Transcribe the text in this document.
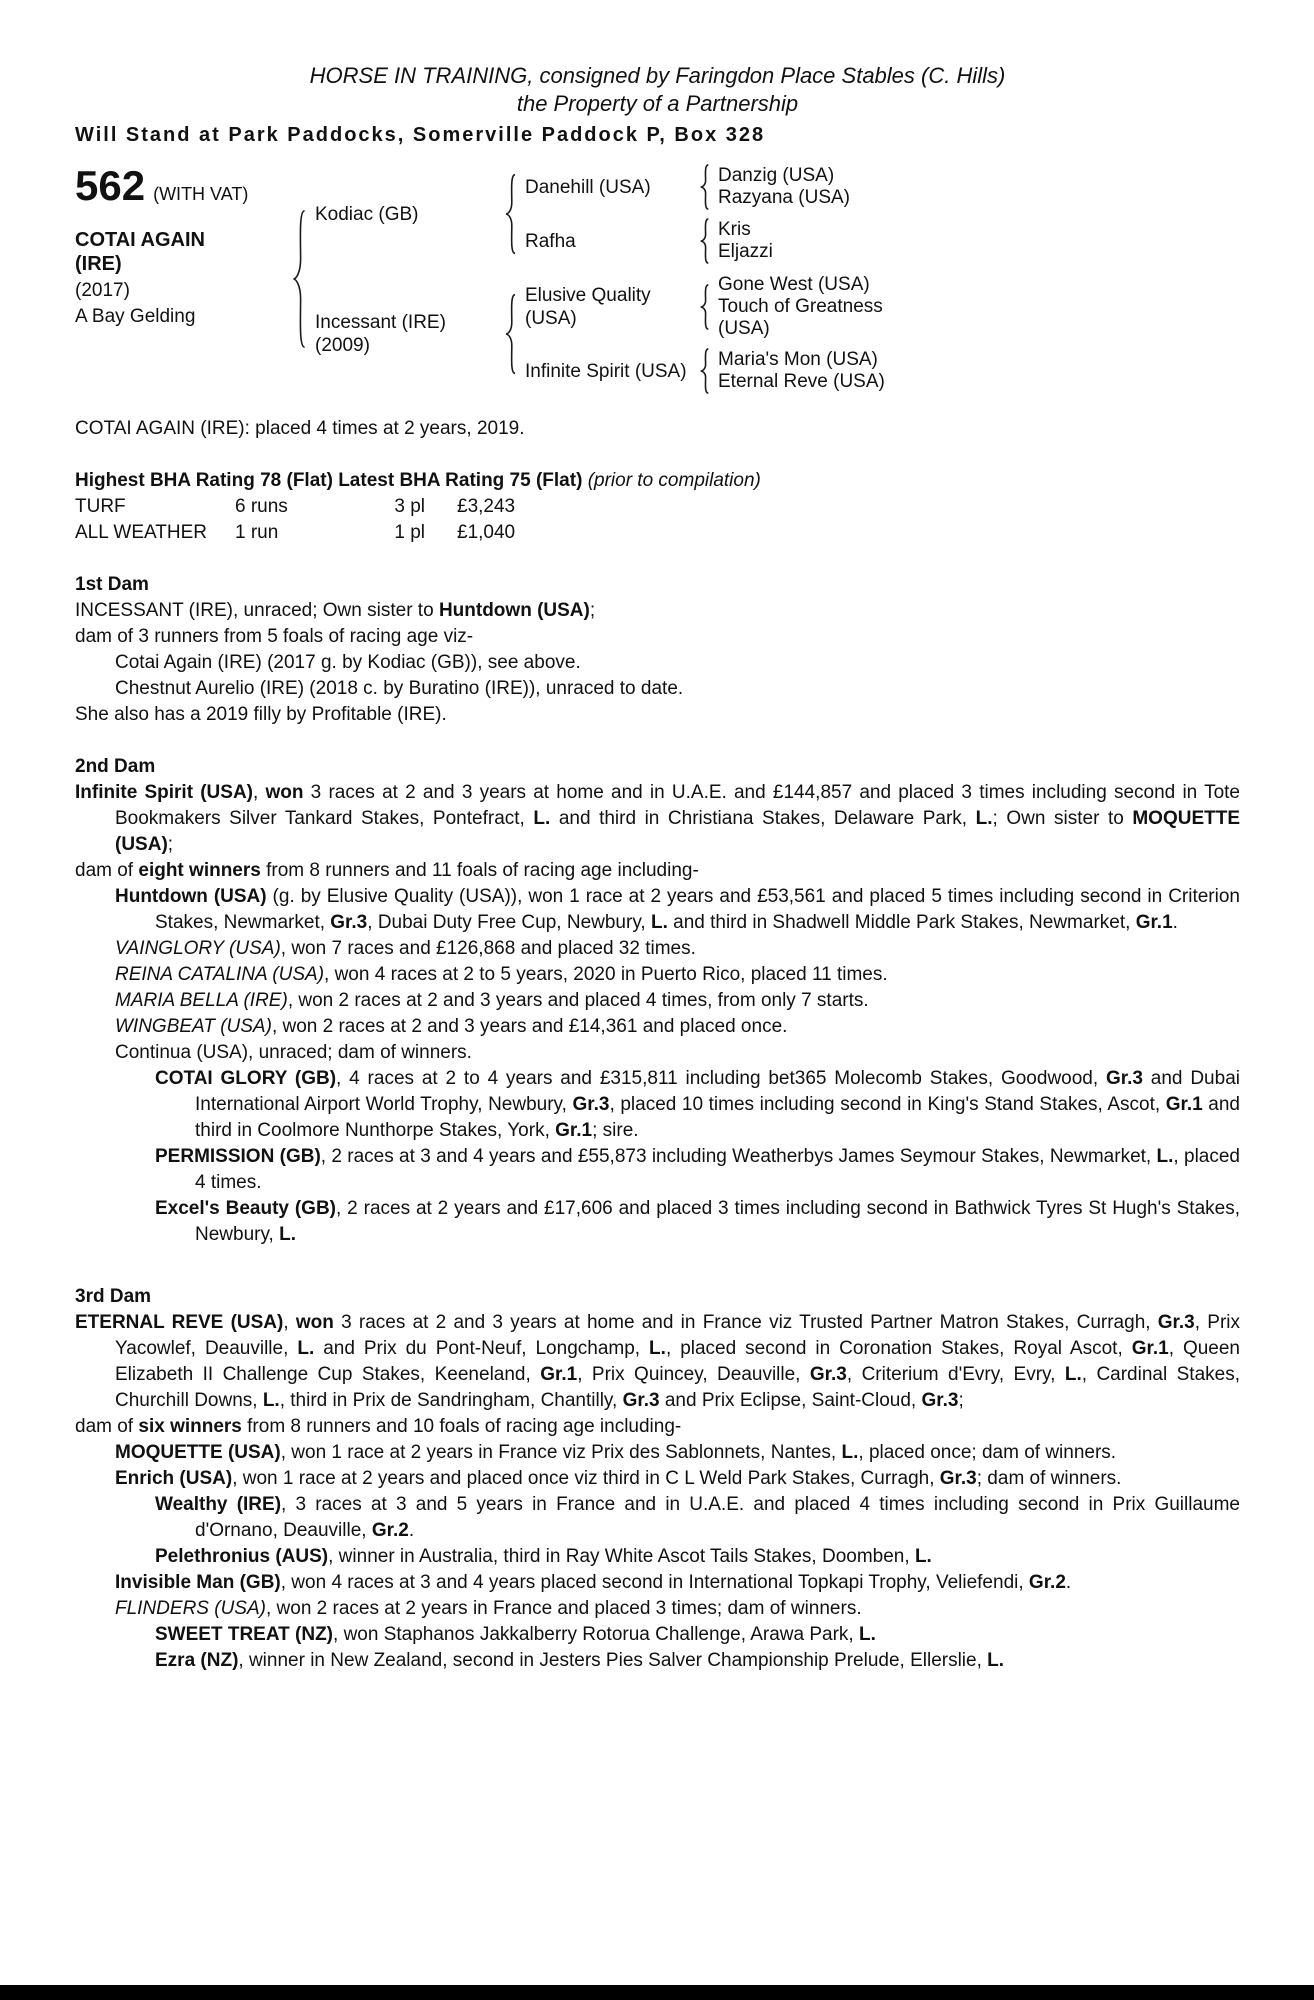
HORSE IN TRAINING, consigned by Faringdon Place Stables (C. Hills)
the Property of a Partnership
Will Stand at Park Paddocks, Somerville Paddock P, Box 328
562 (WITH VAT)
COTAI AGAIN (IRE)
(2017)
A Bay Gelding
Kodiac (GB)
Danehill (USA)
Danzig (USA)
Razyana (USA)
Rafha
Kris
Eljazzi
Incessant (IRE) (2009)
Elusive Quality (USA)
Gone West (USA)
Touch of Greatness (USA)
Infinite Spirit (USA)
Maria's Mon (USA)
Eternal Reve (USA)

COTAI AGAIN (IRE): placed 4 times at 2 years, 2019.

Highest BHA Rating 78 (Flat) Latest BHA Rating 75 (Flat) (prior to compilation)

TURF	6 runs	3 pl £3,243
ALL WEATHER	1 run	1 pl £1,040
1st Dam

INCESSANT (IRE), unraced; Own sister to Huntdown (USA);

dam of 3 runners from 5 foals of racing age viz-

Cotai Again (IRE) (2017 g. by Kodiac (GB)), see above.

Chestnut Aurelio (IRE) (2018 c. by Buratino (IRE)), unraced to date.

She also has a 2019 filly by Profitable (IRE).

2nd Dam

Infinite Spirit (USA), won 3 races at 2 and 3 years at home and in U.A.E. and £144,857 and placed 3 times including second in Tote Bookmakers Silver Tankard Stakes, Pontefract, L. and third in Christiana Stakes, Delaware Park, L.; Own sister to MOQUETTE (USA);

dam of eight winners from 8 runners and 11 foals of racing age including-

Huntdown (USA) (g. by Elusive Quality (USA)), won 1 race at 2 years and £53,561 and placed 5 times including second in Criterion Stakes, Newmarket, Gr.3, Dubai Duty Free Cup, Newbury, L. and third in Shadwell Middle Park Stakes, Newmarket, Gr.1.

VAINGLORY (USA), won 7 races and £126,868 and placed 32 times.

REINA CATALINA (USA), won 4 races at 2 to 5 years, 2020 in Puerto Rico, placed 11 times.

MARIA BELLA (IRE), won 2 races at 2 and 3 years and placed 4 times, from only 7 starts.

WINGBEAT (USA), won 2 races at 2 and 3 years and £14,361 and placed once.

Continua (USA), unraced; dam of winners.

COTAI GLORY (GB), 4 races at 2 to 4 years and £315,811 including bet365 Molecomb Stakes, Goodwood, Gr.3 and Dubai International Airport World Trophy, Newbury, Gr.3, placed 10 times including second in King's Stand Stakes, Ascot, Gr.1 and third in Coolmore Nunthorpe Stakes, York, Gr.1; sire.

PERMISSION (GB), 2 races at 3 and 4 years and £55,873 including Weatherbys James Seymour Stakes, Newmarket, L., placed 4 times.

Excel's Beauty (GB), 2 races at 2 years and £17,606 and placed 3 times including second in Bathwick Tyres St Hugh's Stakes, Newbury, L.

3rd Dam

ETERNAL REVE (USA), won 3 races at 2 and 3 years at home and in France viz Trusted Partner Matron Stakes, Curragh, Gr.3, Prix Yacowlef, Deauville, L. and Prix du Pont-Neuf, Longchamp, L., placed second in Coronation Stakes, Royal Ascot, Gr.1, Queen Elizabeth II Challenge Cup Stakes, Keeneland, Gr.1, Prix Quincey, Deauville, Gr.3, Criterium d'Evry, Evry, L., Cardinal Stakes, Churchill Downs, L., third in Prix de Sandringham, Chantilly, Gr.3 and Prix Eclipse, Saint-Cloud, Gr.3;

dam of six winners from 8 runners and 10 foals of racing age including-

MOQUETTE (USA), won 1 race at 2 years in France viz Prix des Sablonnets, Nantes, L., placed once; dam of winners.

Enrich (USA), won 1 race at 2 years and placed once viz third in C L Weld Park Stakes, Curragh, Gr.3; dam of winners.

Wealthy (IRE), 3 races at 3 and 5 years in France and in U.A.E. and placed 4 times including second in Prix Guillaume d'Ornano, Deauville, Gr.2.

Pelethronius (AUS), winner in Australia, third in Ray White Ascot Tails Stakes, Doomben, L.

Invisible Man (GB), won 4 races at 3 and 4 years placed second in International Topkapi Trophy, Veliefendi, Gr.2.

FLINDERS (USA), won 2 races at 2 years in France and placed 3 times; dam of winners.

SWEET TREAT (NZ), won Staphanos Jakkalberry Rotorua Challenge, Arawa Park, L.

Ezra (NZ), winner in New Zealand, second in Jesters Pies Salver Championship Prelude, Ellerslie, L.
